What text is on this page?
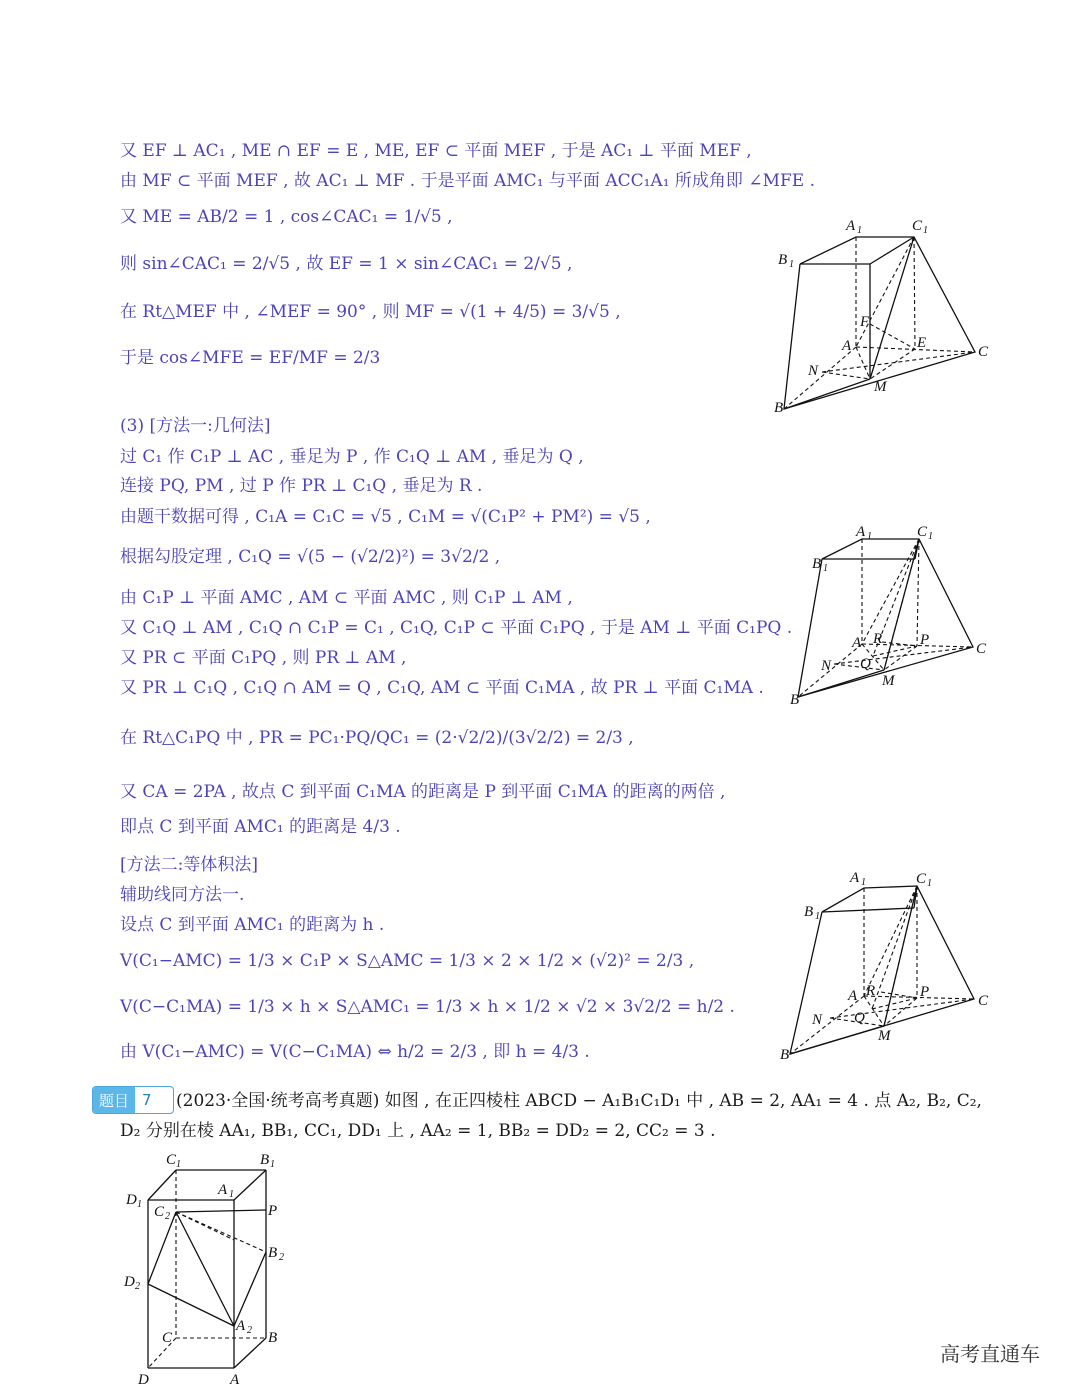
又 EF ⊥ AC₁ , ME ∩ EF = E , ME, EF ⊂ 平面 MEF , 于是 AC₁ ⊥ 平面 MEF ,
由 MF ⊂ 平面 MEF , 故 AC₁ ⊥ MF . 于是平面 AMC₁ 与平面 ACC₁A₁ 所成角即 ∠MFE .
又 ME = AB/2 = 1 , cos∠CAC₁ = 1/√5 ,
则 sin∠CAC₁ = 2/√5 , 故 EF = 1 × sin∠CAC₁ = 2/√5 ,
在 Rt△MEF 中 , ∠MEF = 90° , 则 MF = √(1 + 4/5) = 3/√5 ,
于是 cos∠MFE = EF/MF = 2/3
(3) [方法一:几何法]
过 C₁ 作 C₁P ⊥ AC , 垂足为 P , 作 C₁Q ⊥ AM , 垂足为 Q ,
连接 PQ, PM , 过 P 作 PR ⊥ C₁Q , 垂足为 R .
由题干数据可得 , C₁A = C₁C = √5 , C₁M = √(C₁P² + PM²) = √5 ,
根据勾股定理 , C₁Q = √(5 − (√2/2)²) = 3√2/2 ,
由 C₁P ⊥ 平面 AMC , AM ⊂ 平面 AMC , 则 C₁P ⊥ AM ,
又 C₁Q ⊥ AM , C₁Q ∩ C₁P = C₁ , C₁Q, C₁P ⊂ 平面 C₁PQ , 于是 AM ⊥ 平面 C₁PQ .
又 PR ⊂ 平面 C₁PQ , 则 PR ⊥ AM ,
又 PR ⊥ C₁Q , C₁Q ∩ AM = Q , C₁Q, AM ⊂ 平面 C₁MA , 故 PR ⊥ 平面 C₁MA .
在 Rt△C₁PQ 中 , PR = PC₁·PQ/QC₁ = (2·√2/2)/(3√2/2) = 2/3 ,
又 CA = 2PA , 故点 C 到平面 C₁MA 的距离是 P 到平面 C₁MA 的距离的两倍 ,
即点 C 到平面 AMC₁ 的距离是 4/3 .
[方法二:等体积法]
辅助线同方法一.
设点 C 到平面 AMC₁ 的距离为 h .
V(C₁−AMC) = 1/3 × C₁P × S△AMC = 1/3 × 2 × 1/2 × (√2)² = 2/3 ,
V(C−C₁MA) = 1/3 × h × S△AMC₁ = 1/3 × h × 1/2 × √2 × 3√2/2 = h/2 .
由 V(C₁−AMC) = V(C−C₁MA) ⇔ h/2 = 2/3 , 即 h = 4/3 .
A 1	C 1
B 1
F
A	E
C
N
M
B
A 1	C 1
B 1
A R	P
Q
C
N
M
B
A 1	C 1
B 1
A R	P
Q
C
N
M
B
题目 7	(2023·全国·统考高考真题) 如图 , 在正四棱柱 ABCD − A₁B₁C₁D₁ 中 , AB = 2, AA₁ = 4 . 点 A₂, B₂, C₂,
D₂ 分别在棱 AA₁, BB₁, CC₁, DD₁ 上 , AA₂ = 1, BB₂ = DD₂ = 2, CC₂ = 3 .
C 1	B 1
A 1
D 1 C 2	P
B 2
D 2
A 2
C	B
D	A
高考直通车
